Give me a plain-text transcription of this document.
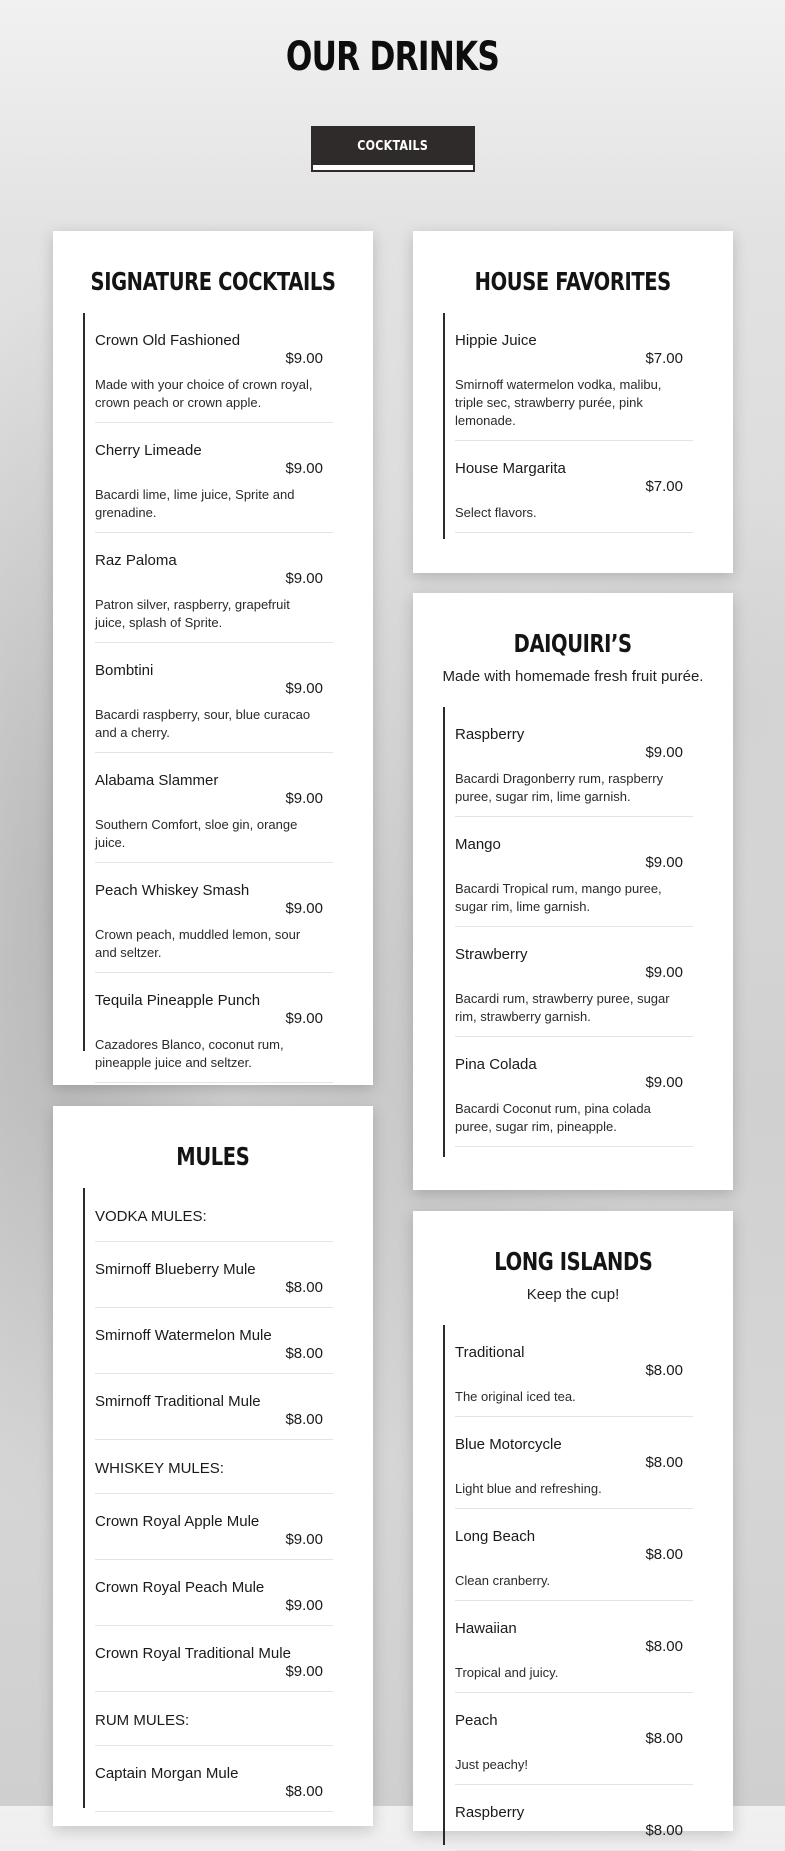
OUR DRINKS
COCKTAILS
SIGNATURE COCKTAILS
Crown Old Fashioned
$9.00
Made with your choice of crown royal, crown peach or crown apple.
Cherry Limeade
$9.00
Bacardi lime, lime juice, Sprite and grenadine.
Raz Paloma
$9.00
Patron silver, raspberry, grapefruit juice, splash of Sprite.
Bombtini
$9.00
Bacardi raspberry, sour, blue curacao and a cherry.
Alabama Slammer
$9.00
Southern Comfort, sloe gin, orange juice.
Peach Whiskey Smash
$9.00
Crown peach, muddled lemon, sour and seltzer.
Tequila Pineapple Punch
$9.00
Cazadores Blanco, coconut rum, pineapple juice and seltzer.
HOUSE FAVORITES
Hippie Juice
$7.00
Smirnoff watermelon vodka, malibu, triple sec, strawberry purée, pink lemonade.
House Margarita
$7.00
Select flavors.
DAIQUIRI’S

Made with homemade fresh fruit purée.

Raspberry
$9.00
Bacardi Dragonberry rum, raspberry puree, sugar rim, lime garnish.
Mango
$9.00
Bacardi Tropical rum, mango puree, sugar rim, lime garnish.
Strawberry
$9.00
Bacardi rum, strawberry puree, sugar rim, strawberry garnish.
Pina Colada
$9.00
Bacardi Coconut rum, pina colada puree, sugar rim, pineapple.
MULES
VODKA MULES:
Smirnoff Blueberry Mule
$8.00
Smirnoff Watermelon Mule
$8.00
Smirnoff Traditional Mule
$8.00
WHISKEY MULES:
Crown Royal Apple Mule
$9.00
Crown Royal Peach Mule
$9.00
Crown Royal Traditional Mule
$9.00
RUM MULES:
Captain Morgan Mule
$8.00
LONG ISLANDS

Keep the cup!

Traditional
$8.00
The original iced tea.
Blue Motorcycle
$8.00
Light blue and refreshing.
Long Beach
$8.00
Clean cranberry.
Hawaiian
$8.00
Tropical and juicy.
Peach
$8.00
Just peachy!
Raspberry
$8.00
